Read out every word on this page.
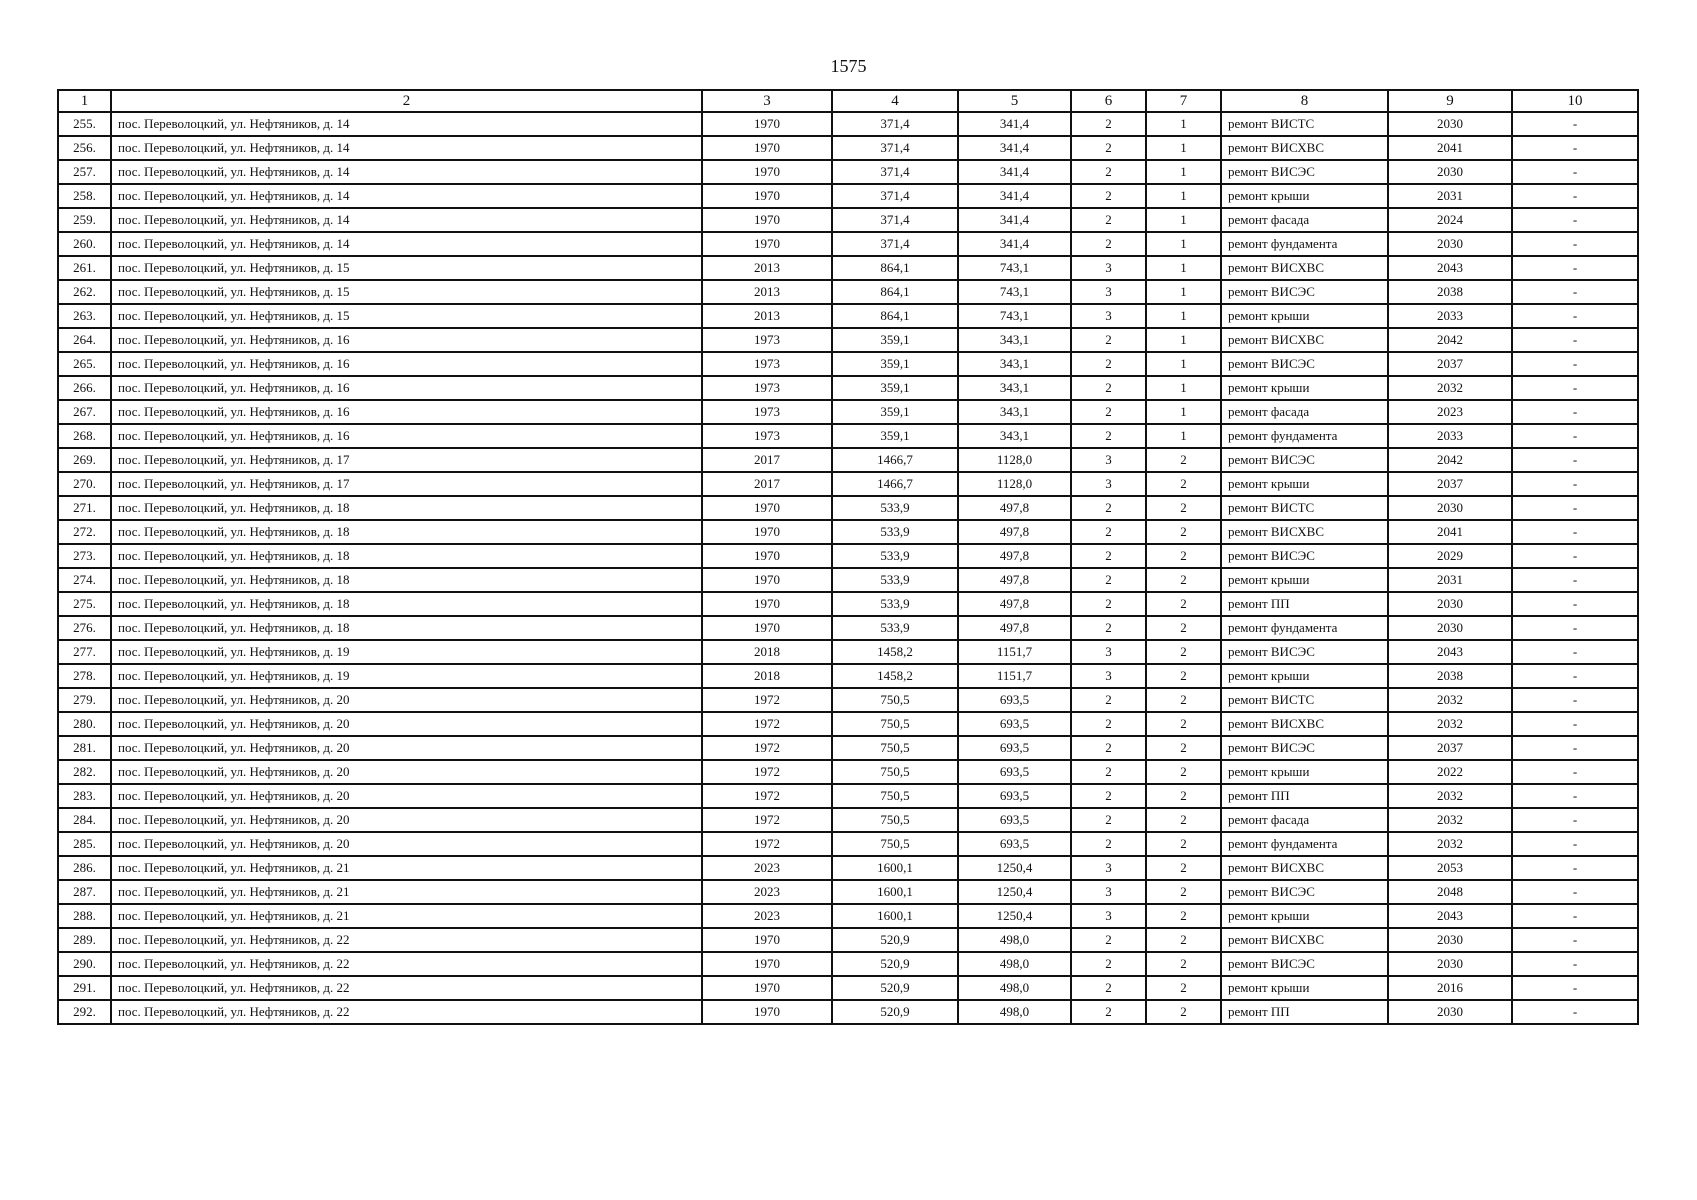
1575
1	2	3	4	5	6	7	8	9	10
255.	пос. Переволоцкий, ул. Нефтяников, д. 14	1970	371,4	341,4	2	1	ремонт ВИСТС	2030	-
256.	пос. Переволоцкий, ул. Нефтяников, д. 14	1970	371,4	341,4	2	1	ремонт ВИСХВС	2041	-
257.	пос. Переволоцкий, ул. Нефтяников, д. 14	1970	371,4	341,4	2	1	ремонт ВИСЭС	2030	-
258.	пос. Переволоцкий, ул. Нефтяников, д. 14	1970	371,4	341,4	2	1	ремонт крыши	2031	-
259.	пос. Переволоцкий, ул. Нефтяников, д. 14	1970	371,4	341,4	2	1	ремонт фасада	2024	-
260.	пос. Переволоцкий, ул. Нефтяников, д. 14	1970	371,4	341,4	2	1	ремонт фундамента	2030	-
261.	пос. Переволоцкий, ул. Нефтяников, д. 15	2013	864,1	743,1	3	1	ремонт ВИСХВС	2043	-
262.	пос. Переволоцкий, ул. Нефтяников, д. 15	2013	864,1	743,1	3	1	ремонт ВИСЭС	2038	-
263.	пос. Переволоцкий, ул. Нефтяников, д. 15	2013	864,1	743,1	3	1	ремонт крыши	2033	-
264.	пос. Переволоцкий, ул. Нефтяников, д. 16	1973	359,1	343,1	2	1	ремонт ВИСХВС	2042	-
265.	пос. Переволоцкий, ул. Нефтяников, д. 16	1973	359,1	343,1	2	1	ремонт ВИСЭС	2037	-
266.	пос. Переволоцкий, ул. Нефтяников, д. 16	1973	359,1	343,1	2	1	ремонт крыши	2032	-
267.	пос. Переволоцкий, ул. Нефтяников, д. 16	1973	359,1	343,1	2	1	ремонт фасада	2023	-
268.	пос. Переволоцкий, ул. Нефтяников, д. 16	1973	359,1	343,1	2	1	ремонт фундамента	2033	-
269.	пос. Переволоцкий, ул. Нефтяников, д. 17	2017	1466,7	1128,0	3	2	ремонт ВИСЭС	2042	-
270.	пос. Переволоцкий, ул. Нефтяников, д. 17	2017	1466,7	1128,0	3	2	ремонт крыши	2037	-
271.	пос. Переволоцкий, ул. Нефтяников, д. 18	1970	533,9	497,8	2	2	ремонт ВИСТС	2030	-
272.	пос. Переволоцкий, ул. Нефтяников, д. 18	1970	533,9	497,8	2	2	ремонт ВИСХВС	2041	-
273.	пос. Переволоцкий, ул. Нефтяников, д. 18	1970	533,9	497,8	2	2	ремонт ВИСЭС	2029	-
274.	пос. Переволоцкий, ул. Нефтяников, д. 18	1970	533,9	497,8	2	2	ремонт крыши	2031	-
275.	пос. Переволоцкий, ул. Нефтяников, д. 18	1970	533,9	497,8	2	2	ремонт ПП	2030	-
276.	пос. Переволоцкий, ул. Нефтяников, д. 18	1970	533,9	497,8	2	2	ремонт фундамента	2030	-
277.	пос. Переволоцкий, ул. Нефтяников, д. 19	2018	1458,2	1151,7	3	2	ремонт ВИСЭС	2043	-
278.	пос. Переволоцкий, ул. Нефтяников, д. 19	2018	1458,2	1151,7	3	2	ремонт крыши	2038	-
279.	пос. Переволоцкий, ул. Нефтяников, д. 20	1972	750,5	693,5	2	2	ремонт ВИСТС	2032	-
280.	пос. Переволоцкий, ул. Нефтяников, д. 20	1972	750,5	693,5	2	2	ремонт ВИСХВС	2032	-
281.	пос. Переволоцкий, ул. Нефтяников, д. 20	1972	750,5	693,5	2	2	ремонт ВИСЭС	2037	-
282.	пос. Переволоцкий, ул. Нефтяников, д. 20	1972	750,5	693,5	2	2	ремонт крыши	2022	-
283.	пос. Переволоцкий, ул. Нефтяников, д. 20	1972	750,5	693,5	2	2	ремонт ПП	2032	-
284.	пос. Переволоцкий, ул. Нефтяников, д. 20	1972	750,5	693,5	2	2	ремонт фасада	2032	-
285.	пос. Переволоцкий, ул. Нефтяников, д. 20	1972	750,5	693,5	2	2	ремонт фундамента	2032	-
286.	пос. Переволоцкий, ул. Нефтяников, д. 21	2023	1600,1	1250,4	3	2	ремонт ВИСХВС	2053	-
287.	пос. Переволоцкий, ул. Нефтяников, д. 21	2023	1600,1	1250,4	3	2	ремонт ВИСЭС	2048	-
288.	пос. Переволоцкий, ул. Нефтяников, д. 21	2023	1600,1	1250,4	3	2	ремонт крыши	2043	-
289.	пос. Переволоцкий, ул. Нефтяников, д. 22	1970	520,9	498,0	2	2	ремонт ВИСХВС	2030	-
290.	пос. Переволоцкий, ул. Нефтяников, д. 22	1970	520,9	498,0	2	2	ремонт ВИСЭС	2030	-
291.	пос. Переволоцкий, ул. Нефтяников, д. 22	1970	520,9	498,0	2	2	ремонт крыши	2016	-
292.	пос. Переволоцкий, ул. Нефтяников, д. 22	1970	520,9	498,0	2	2	ремонт ПП	2030	-
